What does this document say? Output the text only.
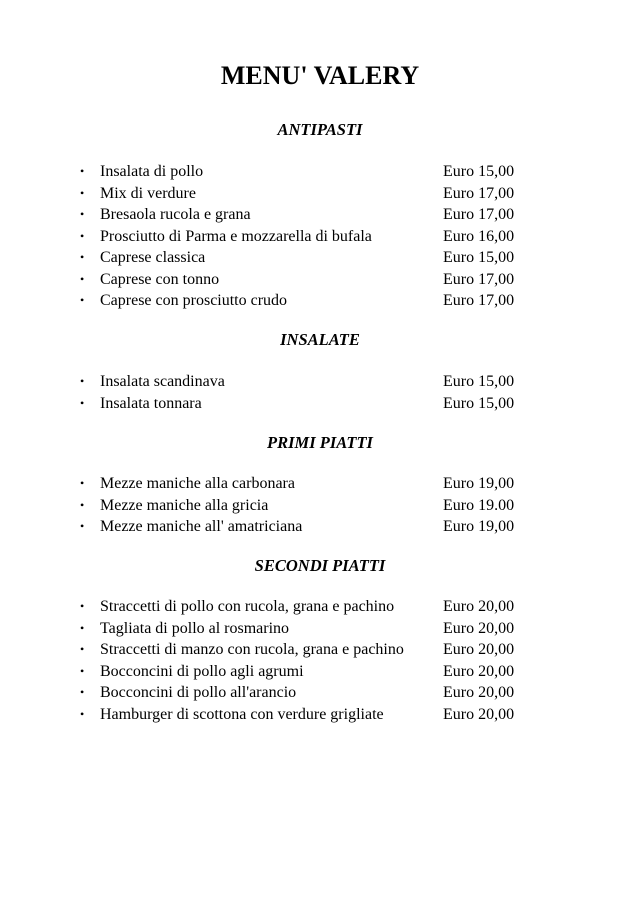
MENU' VALERY
ANTIPASTI
• Insalata di pollo	Euro 15,00
• Mix di verdure	Euro 17,00
• Bresaola rucola e grana	Euro 17,00
• Prosciutto di Parma e mozzarella di bufala	Euro 16,00
• Caprese classica	Euro 15,00
• Caprese con tonno	Euro 17,00
• Caprese con prosciutto crudo	Euro 17,00
INSALATE
• Insalata scandinava	Euro 15,00
• Insalata tonnara	Euro 15,00
PRIMI PIATTI
• Mezze maniche alla carbonara	Euro 19,00
• Mezze maniche alla gricia	Euro 19.00
• Mezze maniche all' amatriciana	Euro 19,00
SECONDI PIATTI
• Straccetti di pollo con rucola, grana e pachino	Euro 20,00
• Tagliata di pollo al rosmarino	Euro 20,00
• Straccetti di manzo con rucola, grana e pachino Euro 20,00
• Bocconcini di pollo agli agrumi	Euro 20,00
• Bocconcini di pollo all'arancio	Euro 20,00
• Hamburger di scottona con verdure grigliate	Euro 20,00
